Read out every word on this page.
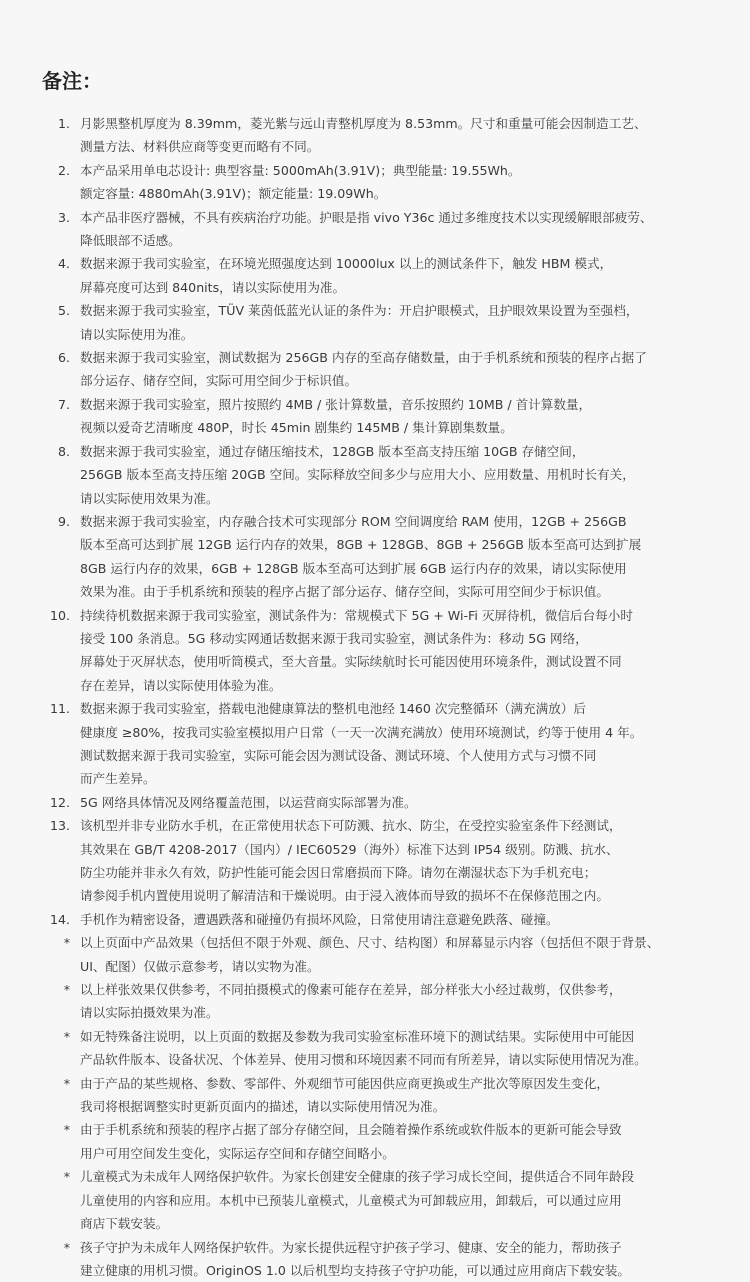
备注：
1. 月影黑整机厚度为 8.39mm，菱光紫与远山青整机厚度为 8.53mm。尺寸和重量可能会因制造工艺、
测量方法、材料供应商等变更而略有不同。
2. 本产品采用单电芯设计: 典型容量: 5000mAh(3.91V)；典型能量: 19.55Wh。
额定容量: 4880mAh(3.91V)；额定能量: 19.09Wh。
3. 本产品非医疗器械，不具有疾病治疗功能。护眼是指 vivo Y36c 通过多维度技术以实现缓解眼部疲劳、
降低眼部不适感。
4. 数据来源于我司实验室，在环境光照强度达到 10000lux 以上的测试条件下，触发 HBM 模式，
屏幕亮度可达到 840nits，请以实际使用为准。
5. 数据来源于我司实验室，TÜV 莱茵低蓝光认证的条件为：开启护眼模式，且护眼效果设置为至强档，
请以实际使用为准。
6. 数据来源于我司实验室，测试数据为 256GB 内存的至高存储数量，由于手机系统和预装的程序占据了
部分运存、储存空间，实际可用空间少于标识值。
7. 数据来源于我司实验室，照片按照约 4MB / 张计算数量，音乐按照约 10MB / 首计算数量，
视频以爱奇艺清晰度 480P，时长 45min 剧集约 145MB / 集计算剧集数量。
8. 数据来源于我司实验室，通过存储压缩技术，128GB 版本至高支持压缩 10GB 存储空间，
256GB 版本至高支持压缩 20GB 空间。实际释放空间多少与应用大小、应用数量、用机时长有关，
请以实际使用效果为准。
9. 数据来源于我司实验室，内存融合技术可实现部分 ROM 空间调度给 RAM 使用，12GB + 256GB
版本至高可达到扩展 12GB 运行内存的效果，8GB + 128GB、8GB + 256GB 版本至高可达到扩展
8GB 运行内存的效果，6GB + 128GB 版本至高可达到扩展 6GB 运行内存的效果，请以实际使用
效果为准。由于手机系统和预装的程序占据了部分运存、储存空间，实际可用空间少于标识值。
10. 持续待机数据来源于我司实验室，测试条件为：常规模式下 5G + Wi-Fi 灭屏待机，微信后台每小时
接受 100 条消息。5G 移动实网通话数据来源于我司实验室，测试条件为：移动 5G 网络，
屏幕处于灭屏状态，使用听筒模式，至大音量。实际续航时长可能因使用环境条件，测试设置不同
存在差异，请以实际使用体验为准。
11. 数据来源于我司实验室，搭载电池健康算法的整机电池经 1460 次完整循环（满充满放）后
健康度 ≥80%，按我司实验室模拟用户日常（一天一次满充满放）使用环境测试，约等于使用 4 年。
测试数据来源于我司实验室，实际可能会因为测试设备、测试环境、个人使用方式与习惯不同
而产生差异。
12. 5G 网络具体情况及网络覆盖范围，以运营商实际部署为准。
13. 该机型并非专业防水手机，在正常使用状态下可防溅、抗水、防尘，在受控实验室条件下经测试，
其效果在 GB/T 4208-2017（国内）/ IEC60529（海外）标准下达到 IP54 级别。防溅、抗水、
防尘功能并非永久有效，防护性能可能会因日常磨损而下降。请勿在潮湿状态下为手机充电；
请参阅手机内置使用说明了解清洁和干燥说明。由于浸入液体而导致的损坏不在保修范围之内。
14. 手机作为精密设备，遭遇跌落和碰撞仍有损坏风险，日常使用请注意避免跌落、碰撞。
* 以上页面中产品效果（包括但不限于外观、颜色、尺寸、结构图）和屏幕显示内容（包括但不限于背景、
UI、配图）仅做示意参考，请以实物为准。
* 以上样张效果仅供参考，不同拍摄模式的像素可能存在差异，部分样张大小经过裁剪，仅供参考，
请以实际拍摄效果为准。
* 如无特殊备注说明，以上页面的数据及参数为我司实验室标准环境下的测试结果。实际使用中可能因
产品软件版本、设备状况、个体差异、使用习惯和环境因素不同而有所差异，请以实际使用情况为准。
* 由于产品的某些规格、参数、零部件、外观细节可能因供应商更换或生产批次等原因发生变化，
我司将根据调整实时更新页面内的描述，请以实际使用情况为准。
* 由于手机系统和预装的程序占据了部分存储空间，且会随着操作系统或软件版本的更新可能会导致
用户可用空间发生变化，实际运存空间和存储空间略小。
* 儿童模式为未成年人网络保护软件。为家长创建安全健康的孩子学习成长空间，提供适合不同年龄段
儿童使用的内容和应用。本机中已预装儿童模式，儿童模式为可卸载应用，卸载后，可以通过应用
商店下载安装。
* 孩子守护为未成年人网络保护软件。为家长提供远程守护孩子学习、健康、安全的能力，帮助孩子
建立健康的用机习惯。OriginOS 1.0 以后机型均支持孩子守护功能，可以通过应用商店下载安装。
